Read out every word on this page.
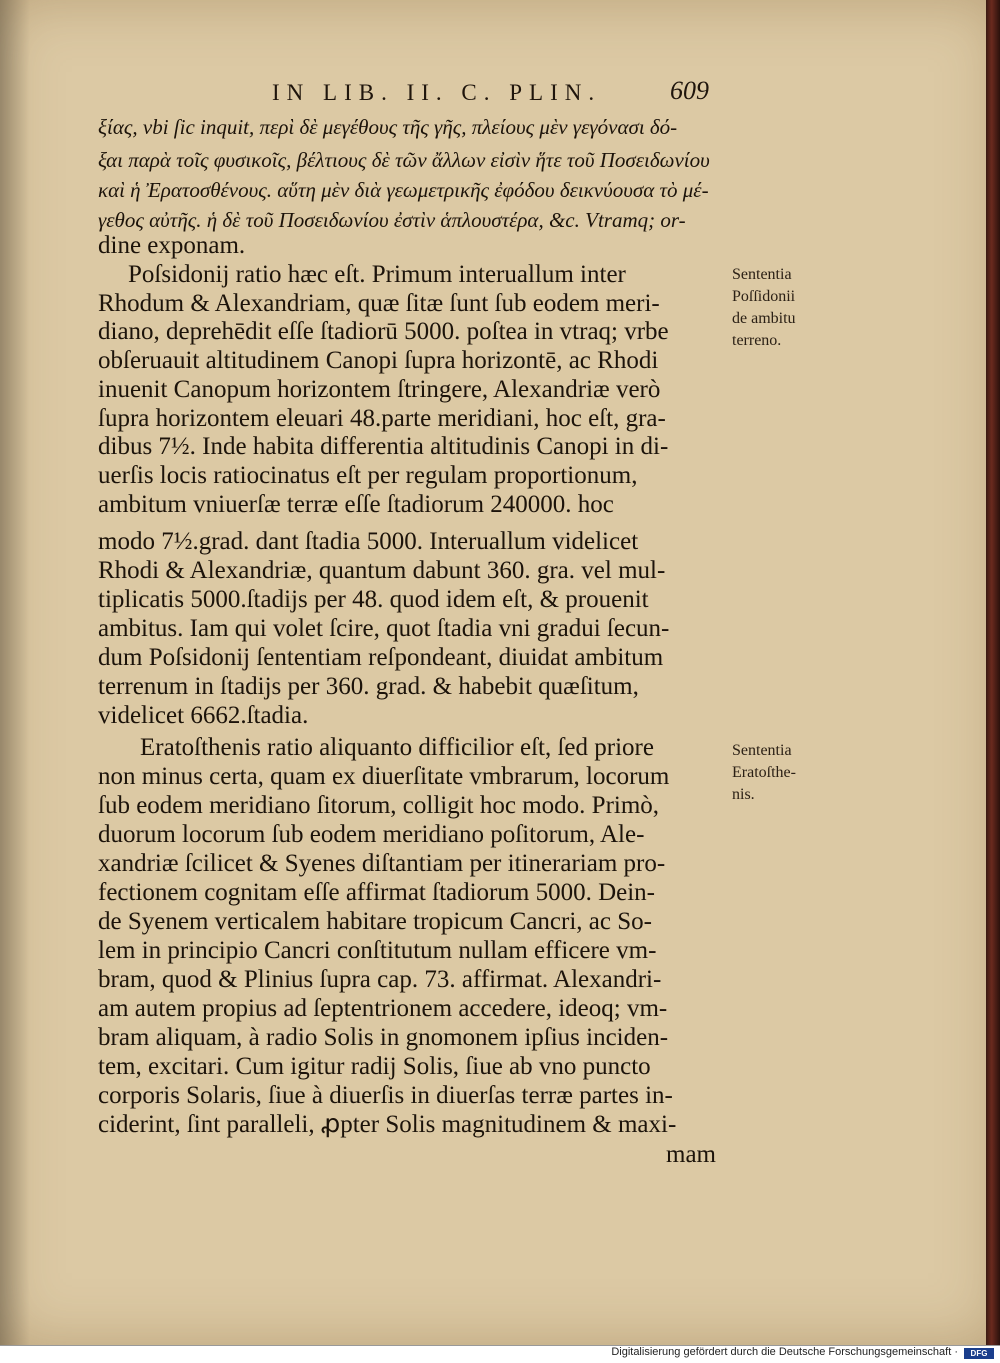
IN LIB. II. C. PLIN.	609
ξίας, vbi ſic inquit, περὶ δὲ μεγέθους τῆς γῆς, πλείους μὲν γεγόνασι δό-
ξαι παρὰ τοῖς φυσικοῖς, βέλτιους δὲ τῶν ἄλλων εἰσὶν ἥτε τοῦ Ποσειδωνίου
καὶ ἡ Ἐρατοσθένους. αὕτη μὲν διὰ γεωμετρικῆς ἐφόδου δεικνύουσα τὸ μέ-
γεθος αὐτῆς. ἡ δὲ τοῦ Ποσειδωνίου ἐστὶν ἁπλουστέρα, &c. Vtramq; or-
dine exponam.
Poſsidonij ratio hæc eſt. Primum interuallum inter
Rhodum & Alexandriam, quæ ſitæ ſunt ſub eodem meri-
diano, deprehēdit eſſe ſtadiorū 5000. poſtea in vtraq; vrbe
obſeruauit altitudinem Canopi ſupra horizontē, ac Rhodi
inuenit Canopum horizontem ſtringere, Alexandriæ verò
ſupra horizontem eleuari 48.parte meridiani, hoc eſt, gra-
dibus 7½. Inde habita differentia altitudinis Canopi in di-
uerſis locis ratiocinatus eſt per regulam proportionum,
ambitum vniuerſæ terræ eſſe ſtadiorum 240000. hoc
modo 7½.grad. dant ſtadia 5000. Interuallum videlicet
Rhodi & Alexandriæ, quantum dabunt 360. gra. vel mul-
tiplicatis 5000.ſtadijs per 48. quod idem eſt, & prouenit
ambitus. Iam qui volet ſcire, quot ſtadia vni gradui ſecun-
dum Poſsidonij ſententiam reſpondeant, diuidat ambitum
terrenum in ſtadijs per 360. grad. & habebit quæſitum,
videlicet 6662.ſtadia.
Eratoſthenis ratio aliquanto difficilior eſt, ſed priore
non minus certa, quam ex diuerſitate vmbrarum, locorum
ſub eodem meridiano ſitorum, colligit hoc modo. Primò,
duorum locorum ſub eodem meridiano poſitorum, Ale-
xandriæ ſcilicet & Syenes diſtantiam per itinerariam pro-
fectionem cognitam eſſe affirmat ſtadiorum 5000. Dein-
de Syenem verticalem habitare tropicum Cancri, ac So-
lem in principio Cancri conſtitutum nullam efficere vm-
bram, quod & Plinius ſupra cap. 73. affirmat. Alexandri-
am autem propius ad ſeptentrionem accedere, ideoq; vm-
bram aliquam, à radio Solis in gnomonem ipſius inciden-
tem, excitari. Cum igitur radij Solis, ſiue ab vno puncto
corporis Solaris, ſiue à diuerſis in diuerſas terræ partes in-
ciderint, ſint paralleli, ꝓpter Solis magnitudinem & maxi-
mam
Sententia
Poſſidonii
de ambitu
terreno.
Sententia
Eratoſthe-
nis.
Digitalisierung gefördert durch die Deutsche Forschungsgemeinschaft ·	DFG
